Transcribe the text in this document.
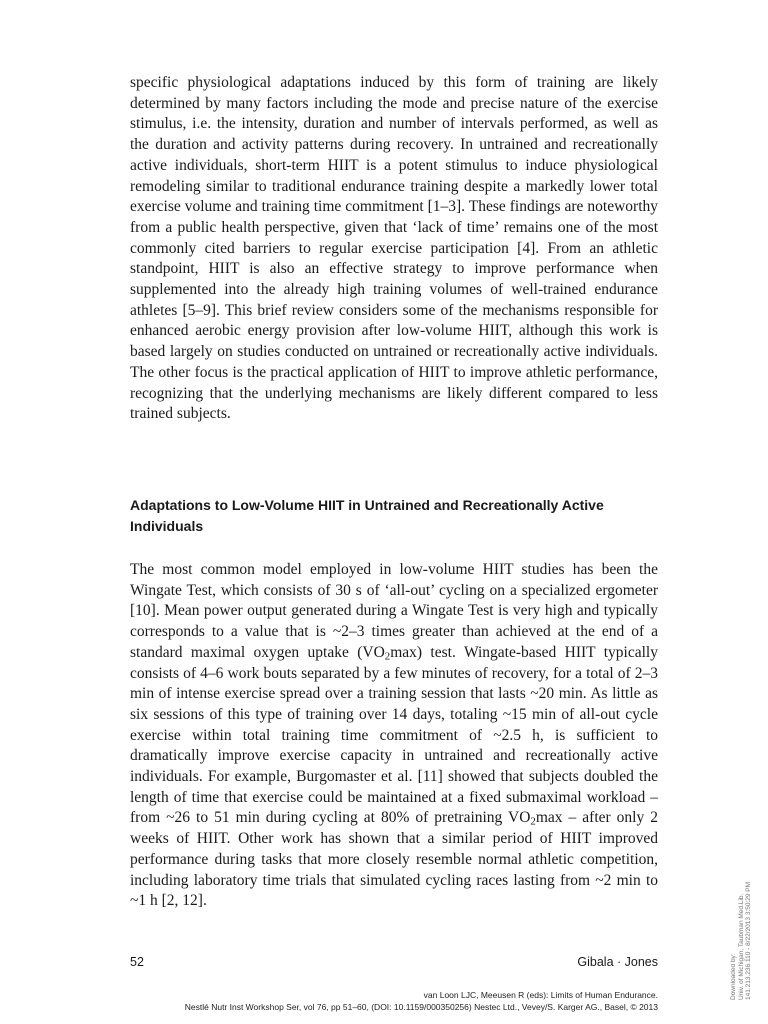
specific physiological adaptations induced by this form of training are likely determined by many factors including the mode and precise nature of the exercise stimulus, i.e. the intensity, duration and number of intervals performed, as well as the duration and activity patterns during recovery. In untrained and recreationally active individuals, short-term HIIT is a potent stimulus to induce physiological remodeling similar to traditional endurance training despite a markedly lower total exercise volume and training time commitment [1–3]. These findings are noteworthy from a public health perspective, given that ‘lack of time’ remains one of the most commonly cited barriers to regular exercise participation [4]. From an athletic standpoint, HIIT is also an effective strategy to improve performance when supplemented into the already high training volumes of well-trained endurance athletes [5–9]. This brief review considers some of the mechanisms responsible for enhanced aerobic energy provision after low-volume HIIT, although this work is based largely on studies conducted on untrained or recreationally active individuals. The other focus is the practical application of HIIT to improve athletic performance, recognizing that the underlying mechanisms are likely different compared to less trained subjects.

Adaptations to Low-Volume HIIT in Untrained and Recreationally Active Individuals

The most common model employed in low-volume HIIT studies has been the Wingate Test, which consists of 30 s of ‘all-out’ cycling on a specialized ergometer [10]. Mean power output generated during a Wingate Test is very high and typically corresponds to a value that is ~2–3 times greater than achieved at the end of a standard maximal oxygen uptake $(VO_2\max)$ test. Wingate-based HIIT typically consists of 4–6 work bouts separated by a few minutes of recovery, for a total of 2–3 min of intense exercise spread over a training session that lasts ~20 min. As little as six sessions of this type of training over 14 days, totaling ~15 min of all-out cycle exercise within total training time commitment of ~2.5 h, is sufficient to dramatically improve exercise capacity in untrained and recreationally active individuals. For example, Burgomaster et al. [11] showed that subjects doubled the length of time that exercise could be maintained at a fixed submaximal workload – from ~26 to 51 min during cycling at 80% of pretraining $VO_2\max$ – after only 2 weeks of HIIT. Other work has shown that a similar period of HIIT improved performance during tasks that more closely resemble normal athletic competition, including laboratory time trials that simulated cycling races lasting from ~2 min to ~1 h [2, 12].

52	Gibala · Jones
van Loon LJC, Meeusen R (eds): Limits of Human Endurance.
Nestlé Nutr Inst Workshop Ser, vol 76, pp 51–60, (DOI: 10.1159/000350256) Nestec Ltd., Vevey/S. Karger AG., Basel, © 2013
Downloaded by: Univ. of Michigan, Taubman Med.Lib. 141.213.236.110 - 8/22/2013 3:50:29 PM
